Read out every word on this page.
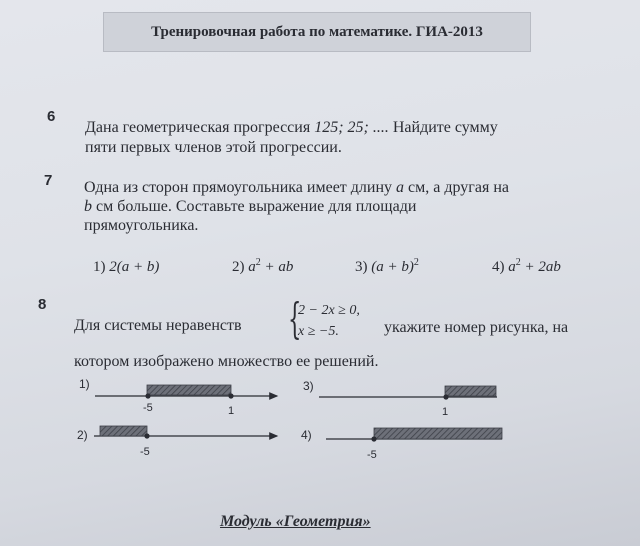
Тренировочная работа по математике. ГИА-2013
6
Дана геометрическая прогрессия 125; 25; .... Найдите сумму
пяти первых членов этой прогрессии.
7 Одна из сторон прямоугольника имеет длину a см, а другая на
b см больше. Составьте выражение для площади
прямоугольника.
1) 2(a + b)	2) $a^2$ + ab	3) $(a + b)^2$	4) $a^2 + 2ab$
8
Для системы неравенств {
2 − 2x ≥ 0,
x ≥ −5.	укажите номер рисунка, на
котором изображено множество ее решений.
1)
-5	1
2)
-5
3)
1
4)
-5
Модуль «Геометрия»
